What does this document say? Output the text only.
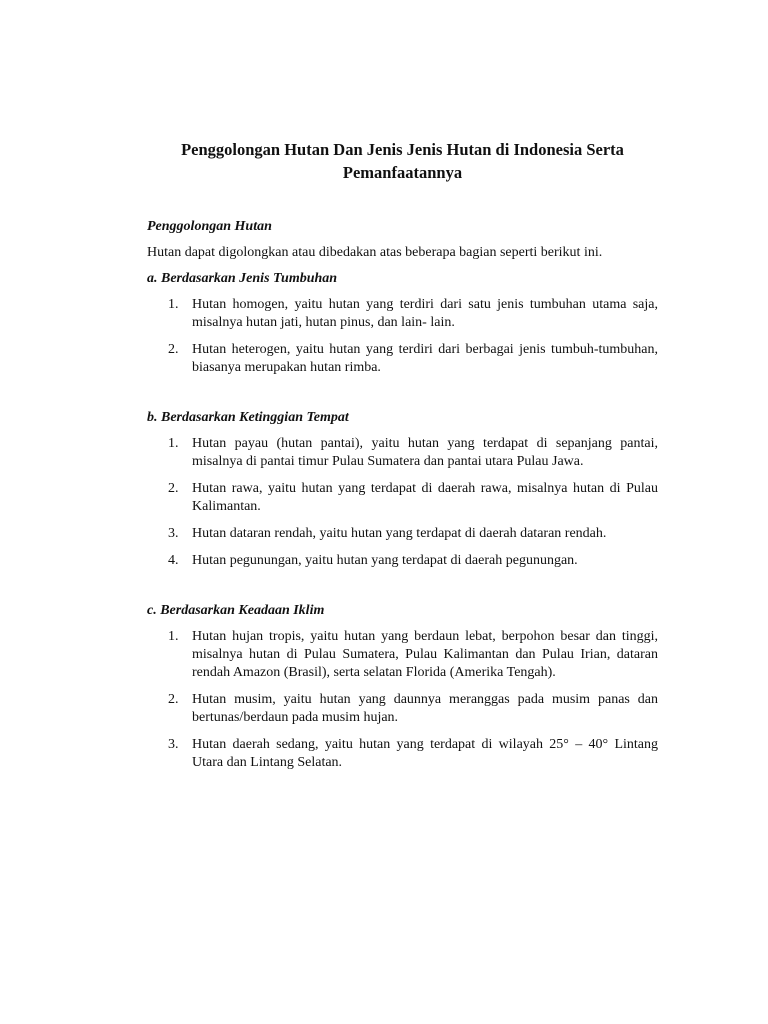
Penggolongan Hutan Dan Jenis Jenis Hutan di Indonesia Serta
Pemanfaatannya

Penggolongan Hutan

Hutan dapat digolongkan atau dibedakan atas beberapa bagian seperti berikut ini.

a. Berdasarkan Jenis Tumbuhan

1. Hutan homogen, yaitu hutan yang terdiri dari satu jenis tumbuhan utama saja, misalnya hutan jati, hutan pinus, dan lain- lain.
2. Hutan heterogen, yaitu hutan yang terdiri dari berbagai jenis tumbuh-tumbuhan, biasanya merupakan hutan rimba.

b. Berdasarkan Ketinggian Tempat

1. Hutan payau (hutan pantai), yaitu hutan yang terdapat di sepanjang pantai, misalnya di pantai timur Pulau Sumatera dan pantai utara Pulau Jawa.
2. Hutan rawa, yaitu hutan yang terdapat di daerah rawa, misalnya hutan di Pulau Kalimantan.
3. Hutan dataran rendah, yaitu hutan yang terdapat di daerah dataran rendah.
4. Hutan pegunungan, yaitu hutan yang terdapat di daerah pegunungan.

c. Berdasarkan Keadaan Iklim

1. Hutan hujan tropis, yaitu hutan yang berdaun lebat, berpohon besar dan tinggi, misalnya hutan di Pulau Sumatera, Pulau Kalimantan dan Pulau Irian, dataran rendah Amazon (Brasil), serta selatan Florida (Amerika Tengah).
2. Hutan musim, yaitu hutan yang daunnya meranggas pada musim panas dan bertunas/berdaun pada musim hujan.
3. Hutan daerah sedang, yaitu hutan yang terdapat di wilayah 25° – 40° Lintang Utara dan Lintang Selatan.
